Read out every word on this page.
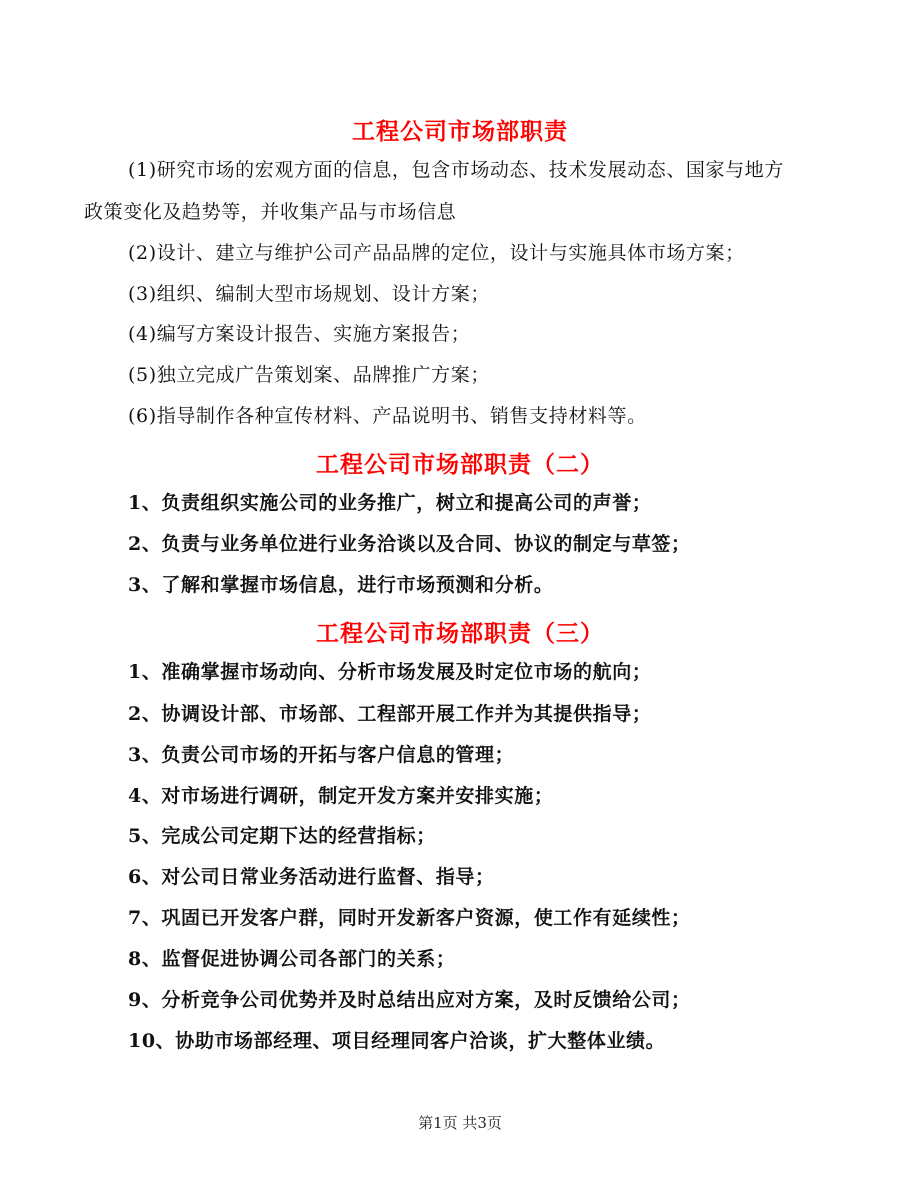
工程公司市场部职责
(1)研究市场的宏观方面的信息，包含市场动态、技术发展动态、国家与地方
政策变化及趋势等，并收集产品与市场信息
(2)设计、建立与维护公司产品品牌的定位，设计与实施具体市场方案；
(3)组织、编制大型市场规划、设计方案；
(4)编写方案设计报告、实施方案报告；
(5)独立完成广告策划案、品牌推广方案；
(6)指导制作各种宣传材料、产品说明书、销售支持材料等。
工程公司市场部职责（二）
1、负责组织实施公司的业务推广，树立和提高公司的声誉；
2、负责与业务单位进行业务洽谈以及合同、协议的制定与草签；
3、了解和掌握市场信息，进行市场预测和分析。
工程公司市场部职责（三）
1、准确掌握市场动向、分析市场发展及时定位市场的航向；
2、协调设计部、市场部、工程部开展工作并为其提供指导；
3、负责公司市场的开拓与客户信息的管理；
4、对市场进行调研，制定开发方案并安排实施；
5、完成公司定期下达的经营指标；
6、对公司日常业务活动进行监督、指导；
7、巩固已开发客户群，同时开发新客户资源，使工作有延续性；
8、监督促进协调公司各部门的关系；
9、分析竞争公司优势并及时总结出应对方案，及时反馈给公司；
10、协助市场部经理、项目经理同客户洽谈，扩大整体业绩。
第1页 共3页
